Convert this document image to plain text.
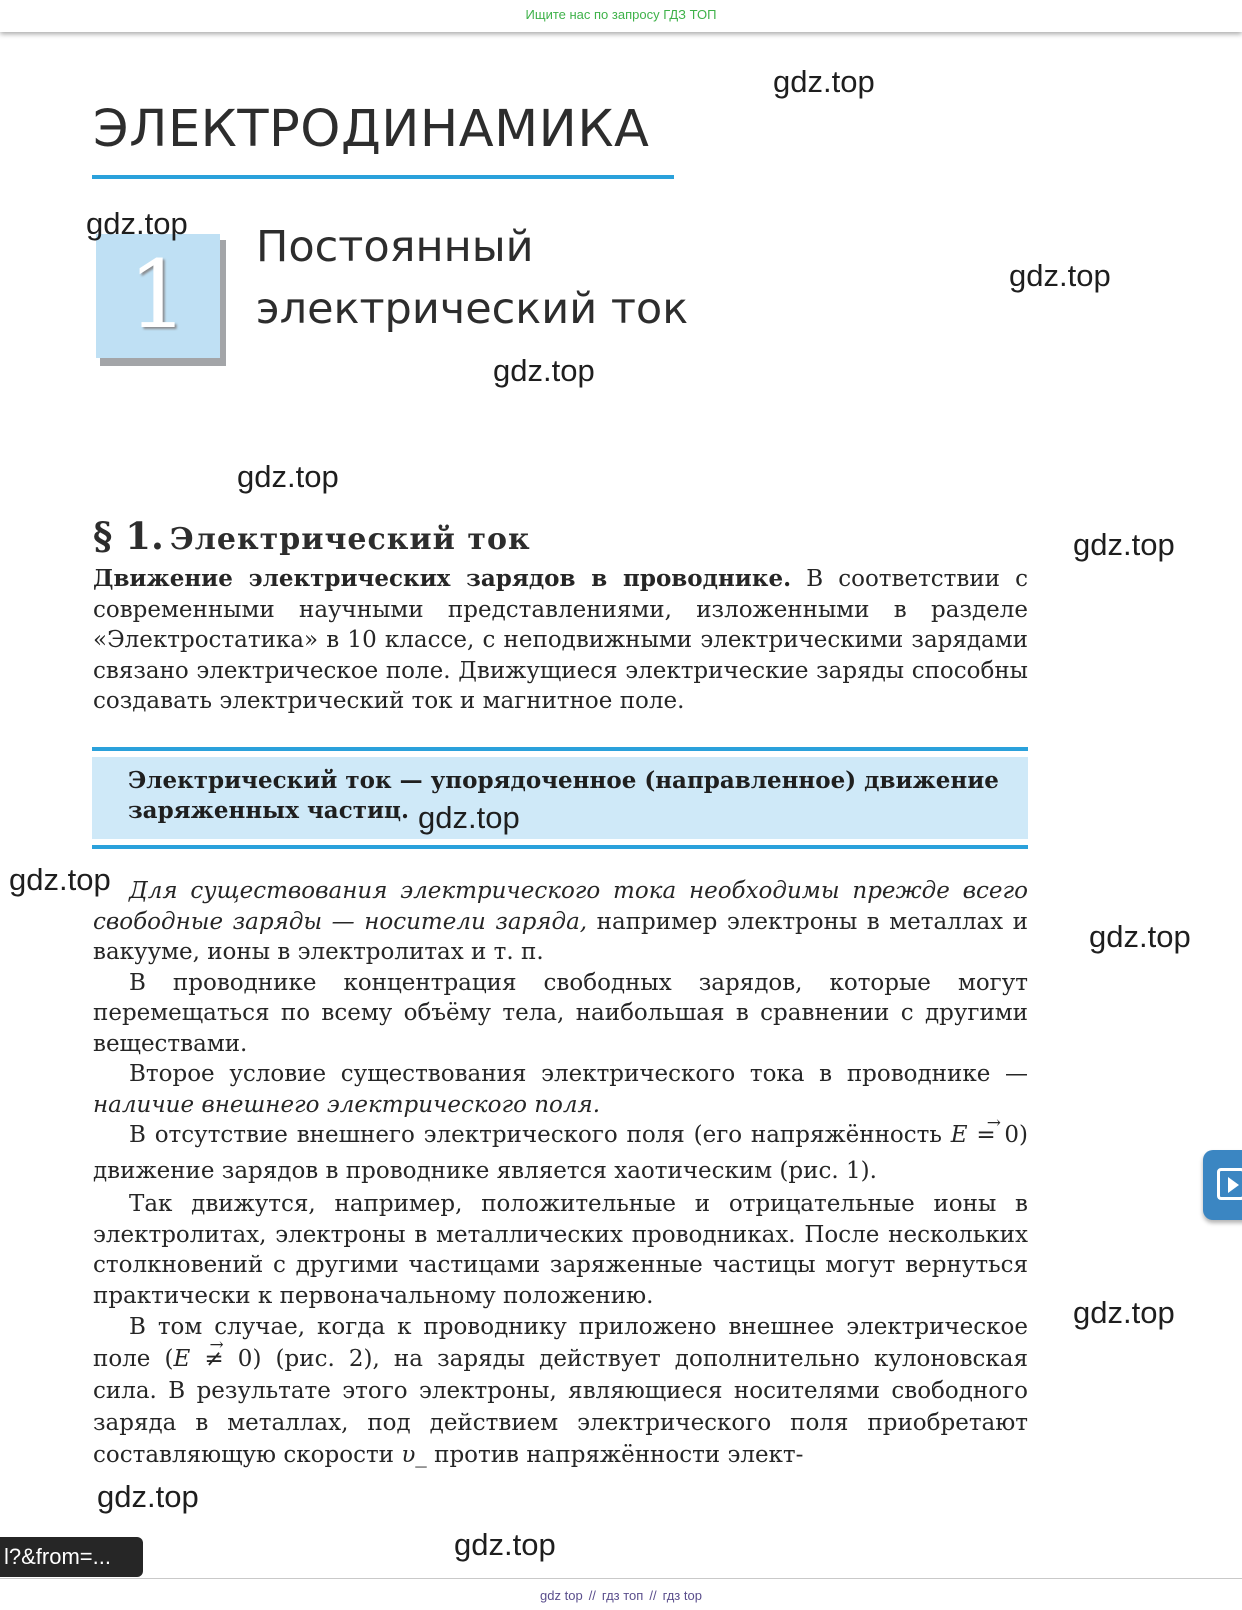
Ищите нас по запросу ГДЗ ТОП
ЭЛЕКТРОДИНАМИКА
1	Постоянный
электрический ток
§ 1. Электрический ток

Движение электрических зарядов в проводнике. В соответствии с современными научными представлениями, изложенными в разделе «Электростатика» в 10 классе, с неподвижными электрическими зарядами связано электрическое поле. Движущиеся электрические заряды способны создавать электрический ток и магнитное поле.

Электрический ток — упорядоченное (направленное) движение заряженных частиц.

Для существования электрического тока необходимы прежде всего свободные заряды — носители заряда, например электроны в металлах и вакууме, ионы в электролитах и т. п.

В проводнике концентрация свободных зарядов, которые могут перемещаться по всему объёму тела, наибольшая в сравнении с другими веществами.

Второе условие существования электрического тока в проводнике — наличие внешнего электрического поля.

В отсутствие внешнего электрического поля (его напряжённость → E = 0) движение зарядов в проводнике является хаотическим (рис. 1).

Так движутся, например, положительные и отрицательные ионы в электролитах, электроны в металлических проводниках. После нескольких столкновений с другими частицами заряженные частицы могут вернуться практически к первоначальному положению.

В том случае, когда к проводнику приложено внешнее электрическое поле (→ E ≠ 0) (рис. 2), на заряды действует дополнительно кулоновская сила. В результате этого электроны, являющиеся носителями свободного заряда в металлах, под действием электрического поля приобретают составляющую скорости υ_ против напряжённости элект-

gdz.top
gdz.top
gdz.top
gdz.top
gdz.top
gdz.top
gdz.top
gdz.top
gdz.top
gdz.top
gdz.top
gdz.top
l?&from=...
gdz top // гдз топ // гдз top
